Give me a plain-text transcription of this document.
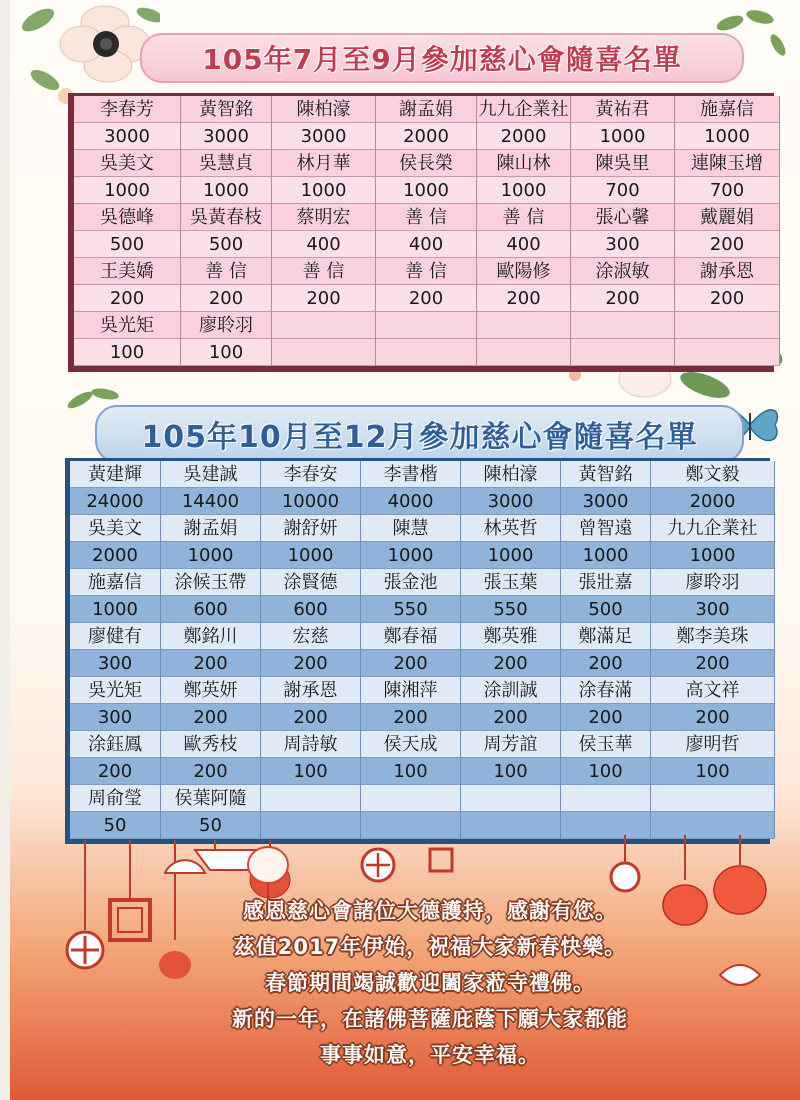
105年7月至9月參加慈心會隨喜名單
105年10月至12月參加慈心會隨喜名單
李春芳	黃智銘	陳柏濠	謝孟娟	九九企業社	黃祐君	施嘉信
3000	3000	3000	2000	2000	1000	1000
吳美文	吳慧貞	林月華	侯長榮	陳山林	陳吳里	連陳玉增
1000	1000	1000	1000	1000	700	700
吳德峰	吳黃春枝	蔡明宏	善 信	善 信	張心馨	戴麗娟
500	500	400	400	400	300	200
王美嬌	善 信	善 信	善 信	歐陽修	涂淑敏	謝承恩
200	200	200	200	200	200	200
吳光矩	廖聆羽
100	100
黃建輝	吳建誠	李春安	李書楷	陳柏濠	黃智銘	鄭文毅
24000	14400	10000	4000	3000	3000	2000
吳美文	謝孟娟	謝舒妍	陳慧	林英哲	曾智遠	九九企業社
2000	1000	1000	1000	1000	1000	1000
施嘉信	涂候玉帶	涂賢德	張金池	張玉葉	張壯嘉	廖聆羽
1000	600	600	550	550	500	300
廖健有	鄭銘川	宏慈	鄭春福	鄭英雅	鄭滿足	鄭李美珠
300	200	200	200	200	200	200
吳光矩	鄭英妍	謝承恩	陳湘萍	涂訓誠	涂春滿	高文祥
300	200	200	200	200	200	200
涂鈺鳳	歐秀枝	周詩敏	侯天成	周芳誼	侯玉華	廖明哲
200	200	100	100	100	100	100
周俞瑩	侯葉阿隨
50	50
感恩慈心會諸位大德護持，感謝有您。
茲值2017年伊始，祝福大家新春快樂。
春節期間竭誠歡迎闔家蒞寺禮佛。
新的一年，在諸佛菩薩庇蔭下願大家都能
事事如意，平安幸福。
